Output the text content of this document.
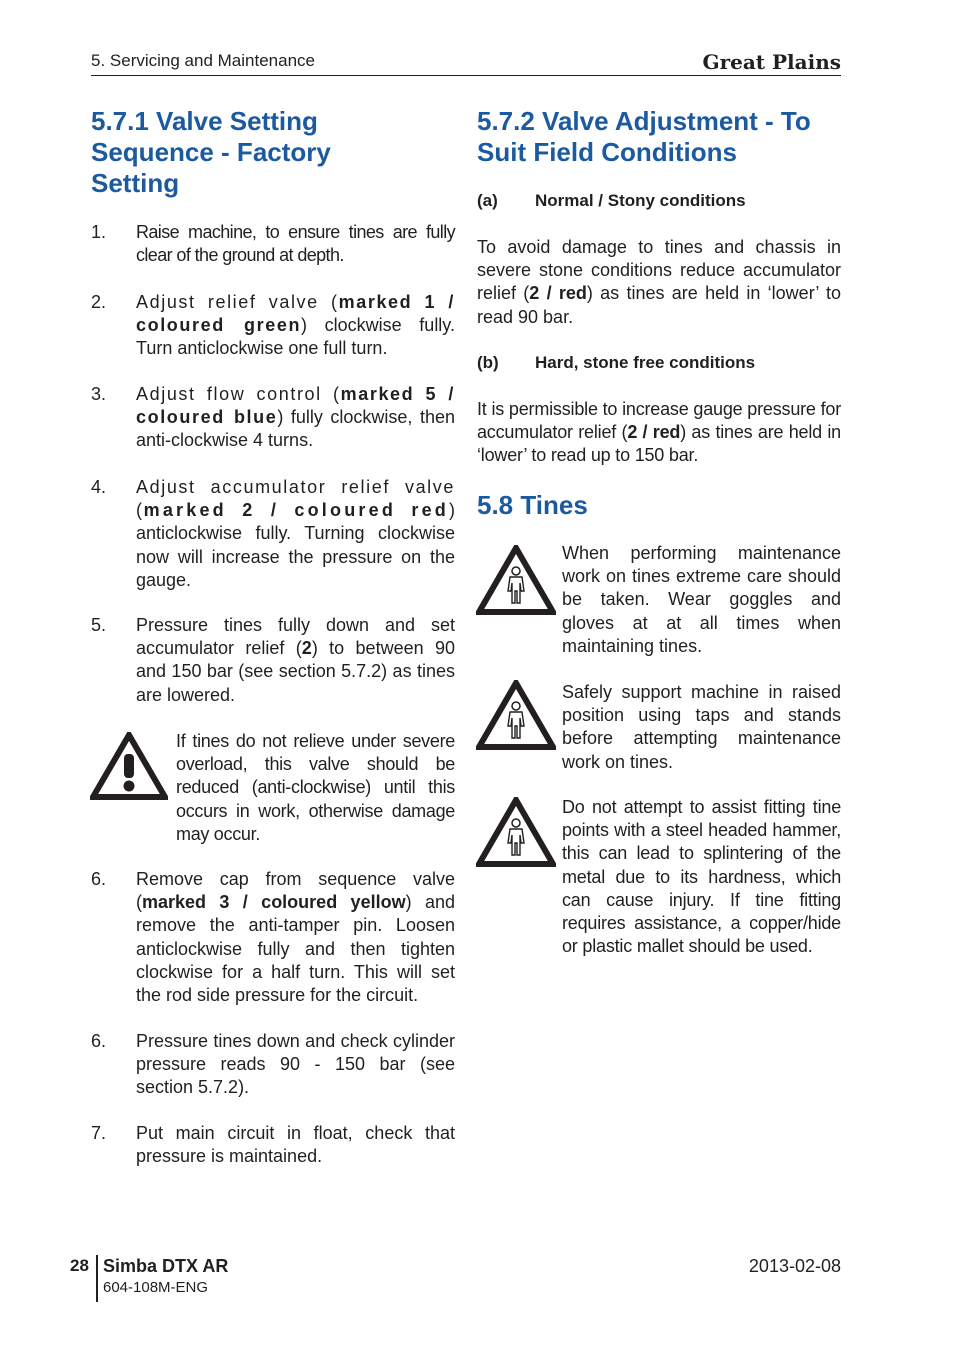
5. Servicing and Maintenance	Great Plains
5.7.1 Valve Setting Sequence - Factory Setting
1.	Raise machine, to ensure tines are fully clear of the ground at depth.
2.	Adjust relief valve (marked 1 / coloured green) clockwise fully. Turn anticlockwise one full turn.
3.	Adjust flow control (marked 5 / coloured blue) fully clockwise, then anti-clockwise 4 turns.
4.	Adjust accumulator relief valve (marked 2 / coloured red) anticlockwise fully. Turning clockwise now will increase the pressure on the gauge.
5.	Pressure tines fully down and set accumulator relief (2) to between 90 and 150 bar (see section 5.7.2) as tines are lowered.
If tines do not relieve under severe overload, this valve should be reduced (anti-clockwise) until this occurs in work, otherwise damage may occur.
6.	Remove cap from sequence valve (marked 3 / coloured yellow) and remove the anti-tamper pin. Loosen anticlockwise fully and then tighten clockwise for a half turn. This will set the rod side pressure for the circuit.
6.	Pressure tines down and check cylinder pressure reads 90 - 150 bar (see section 5.7.2).
7.	Put main circuit in float, check that pressure is maintained.
5.7.2 Valve Adjustment - To Suit Field Conditions
(a) Normal / Stony conditions
To avoid damage to tines and chassis in severe stone conditions reduce accumulator relief (2 / red) as tines are held in ‘lower’ to read 90 bar.
(b) Hard, stone free conditions
It is permissible to increase gauge pressure for accumulator relief (2 / red) as tines are held in ‘lower’ to read up to 150 bar.
5.8 Tines
When performing maintenance work on tines extreme care should be taken. Wear goggles and gloves at at all times when maintaining tines.
Safely support machine in raised position using taps and stands before attempting maintenance work on tines.
Do not attempt to assist fitting tine points with a steel headed hammer, this can lead to splintering of the metal due to its hardness, which can cause injury. If tine fitting requires assistance, a copper/hide or plastic mallet should be used.
28 Simba DTX AR
604-108M-ENG
2013-02-08
